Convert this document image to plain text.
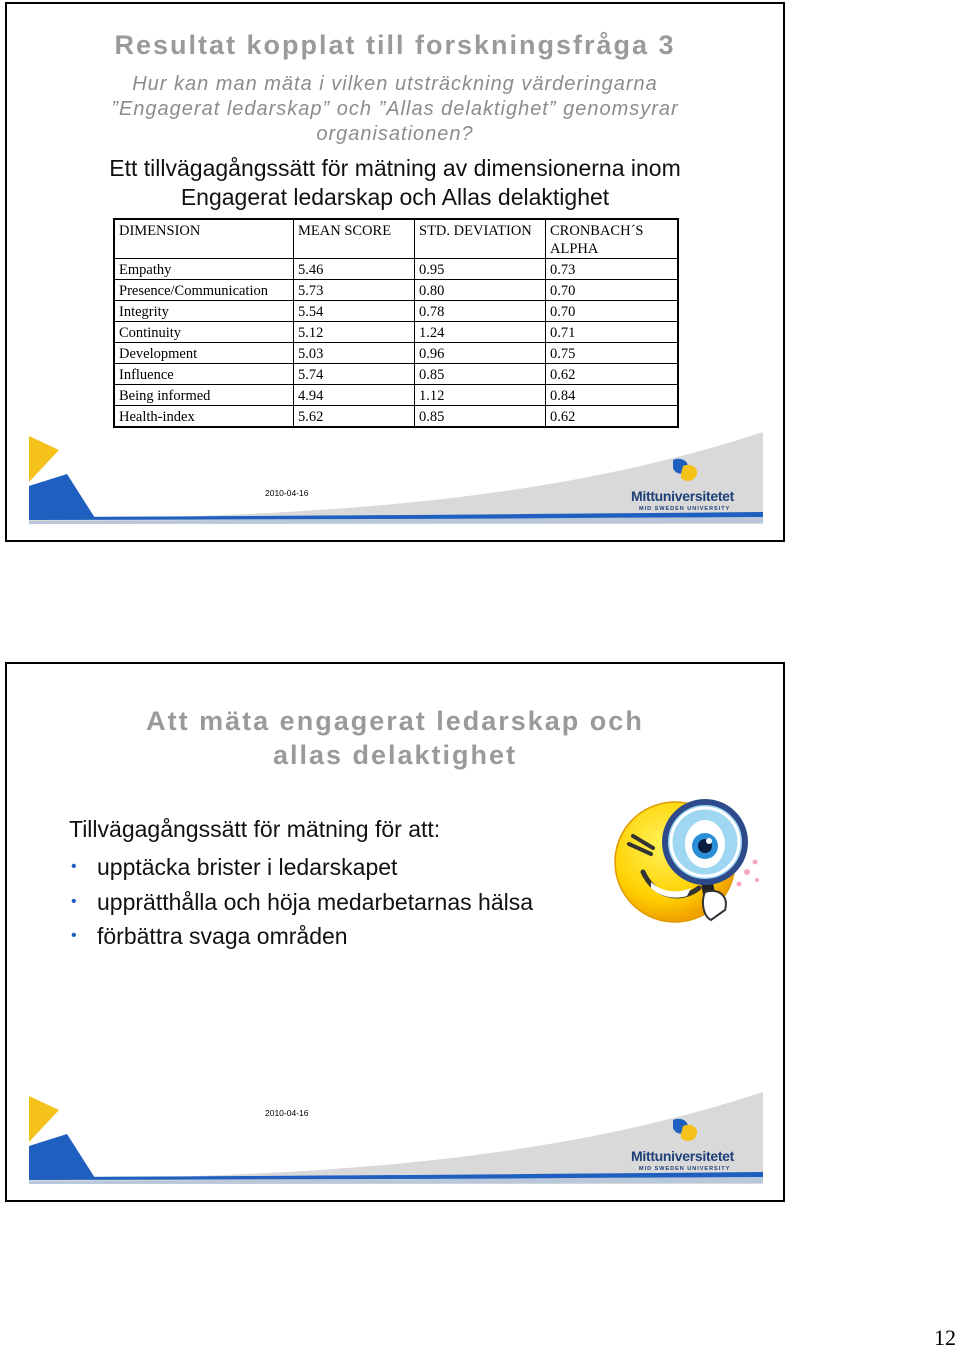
Resultat kopplat till forskningsfråga 3
Hur kan man mäta i vilken utsträckning värderingarna
”Engagerat ledarskap” och ”Allas delaktighet” genomsyrar
organisationen?
Ett tillvägagångssätt för mätning av dimensionerna inom
Engagerat ledarskap och Allas delaktighet
DIMENSION	MEAN SCORE	STD. DEVIATION	CRONBACH´S ALPHA
Empathy	5.46	0.95	0.73
Presence/Communication	5.73	0.80	0.70
Integrity	5.54	0.78	0.70
Continuity	5.12	1.24	0.71
Development	5.03	0.96	0.75
Influence	5.74	0.85	0.62
Being informed	4.94	1.12	0.84
Health-index	5.62	0.85	0.62
2010-04-16	Mittuniversitetet
MID SWEDEN UNIVERSITY
Att mäta engagerat ledarskap och
allas delaktighet
Tillvägagångssätt för mätning för att:
• upptäcka brister i ledarskapet
• upprätthålla och höja medarbetarnas hälsa
• förbättra svaga områden
2010-04-16
Mittuniversitetet
MID SWEDEN UNIVERSITY
12
